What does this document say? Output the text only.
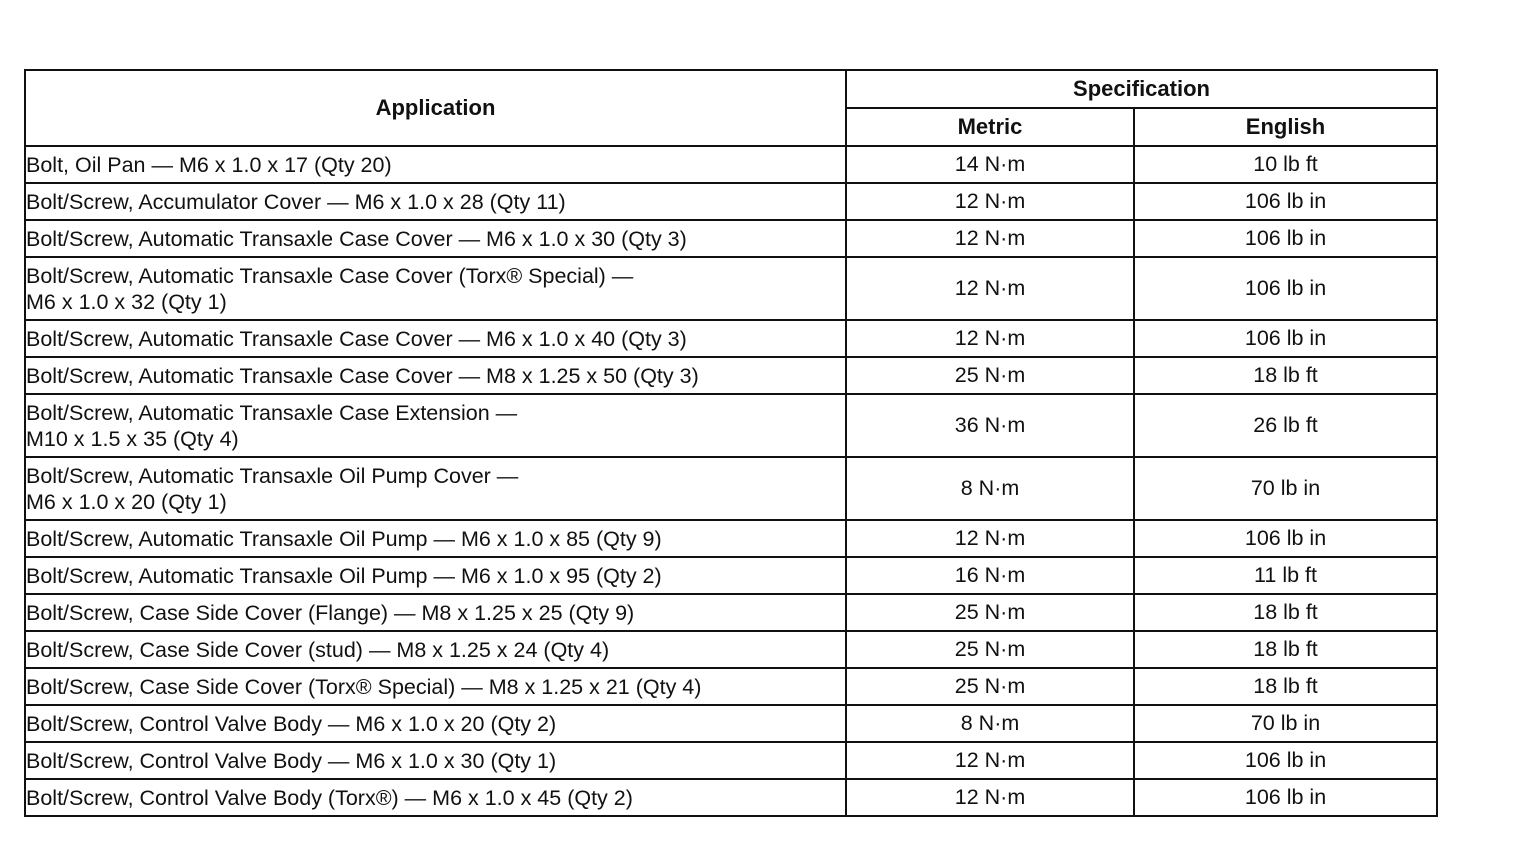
Application	Specification	
	Metric	English

Bolt, Oil Pan — M6 x 1.0 x 17 (Qty 20)	14 N·m	10 lb ft

Bolt/Screw, Accumulator Cover — M6 x 1.0 x 28 (Qty 11)	12 N·m	106 lb in

Bolt/Screw, Automatic Transaxle Case Cover — M6 x 1.0 x 30 (Qty 3)	12 N·m	106 lb in

Bolt/Screw, Automatic Transaxle Case Cover (Torx® Special) —
M6 x 1.0 x 32 (Qty 1)	12 N·m	106 lb in

Bolt/Screw, Automatic Transaxle Case Cover — M6 x 1.0 x 40 (Qty 3)	12 N·m	106 lb in

Bolt/Screw, Automatic Transaxle Case Cover — M8 x 1.25 x 50 (Qty 3)	25 N·m	18 lb ft

Bolt/Screw, Automatic Transaxle Case Extension —
M10 x 1.5 x 35 (Qty 4)	36 N·m	26 lb ft

Bolt/Screw, Automatic Transaxle Oil Pump Cover —
M6 x 1.0 x 20 (Qty 1)	8 N·m	70 lb in

Bolt/Screw, Automatic Transaxle Oil Pump — M6 x 1.0 x 85 (Qty 9)	12 N·m	106 lb in

Bolt/Screw, Automatic Transaxle Oil Pump — M6 x 1.0 x 95 (Qty 2)	16 N·m	11 lb ft

Bolt/Screw, Case Side Cover (Flange) — M8 x 1.25 x 25 (Qty 9)	25 N·m	18 lb ft

Bolt/Screw, Case Side Cover (stud) — M8 x 1.25 x 24 (Qty 4)	25 N·m	18 lb ft

Bolt/Screw, Case Side Cover (Torx® Special) — M8 x 1.25 x 21 (Qty 4)	25 N·m	18 lb ft

Bolt/Screw, Control Valve Body — M6 x 1.0 x 20 (Qty 2)	8 N·m	70 lb in

Bolt/Screw, Control Valve Body — M6 x 1.0 x 30 (Qty 1)	12 N·m	106 lb in

Bolt/Screw, Control Valve Body (Torx®) — M6 x 1.0 x 45 (Qty 2)	12 N·m	106 lb in
